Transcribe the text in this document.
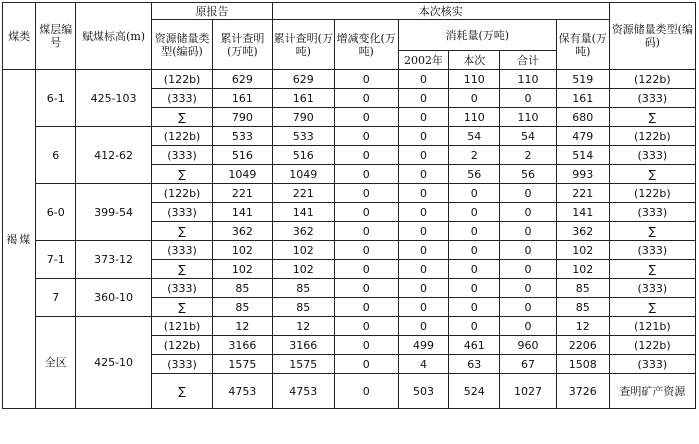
煤类	煤层编号	赋煤标高(m)	原报告		本次核实						资源储量类型(编码)
			资源储量类型(编码)	累计查明(万吨)	累计查明(万吨)	增减变化(万吨)	消耗量(万吨)			保有量(万吨)	
							2002年	本次	合计		
褐煤	6-1	425-103	(122b)	629	629	0	0	110	110	519	(122b)
			(333)	161	161	0	0	0	0	161	(333)
			∑	790	790	0	0	110	110	680	∑
	6	412-62	(122b)	533	533	0	0	54	54	479	(122b)
			(333)	516	516	0	0	2	2	514	(333)
			∑	1049	1049	0	0	56	56	993	∑
	6-0	399-54	(122b)	221	221	0	0	0	0	221	(122b)
			(333)	141	141	0	0	0	0	141	(333)
			∑	362	362	0	0	0	0	362	∑
	7-1	373-12	(333)	102	102	0	0	0	0	102	(333)
			∑	102	102	0	0	0	0	102	∑
	7	360-10	(333)	85	85	0	0	0	0	85	(333)
			∑	85	85	0	0	0	0	85	∑
	全区	425-10	(121b)	12	12	0	0	0	0	12	(121b)
			(122b)	3166	3166	0	499	461	960	2206	(122b)
			(333)	1575	1575	0	4	63	67	1508	(333)
			∑	4753	4753	0	503	524	1027	3726	查明矿产资源
